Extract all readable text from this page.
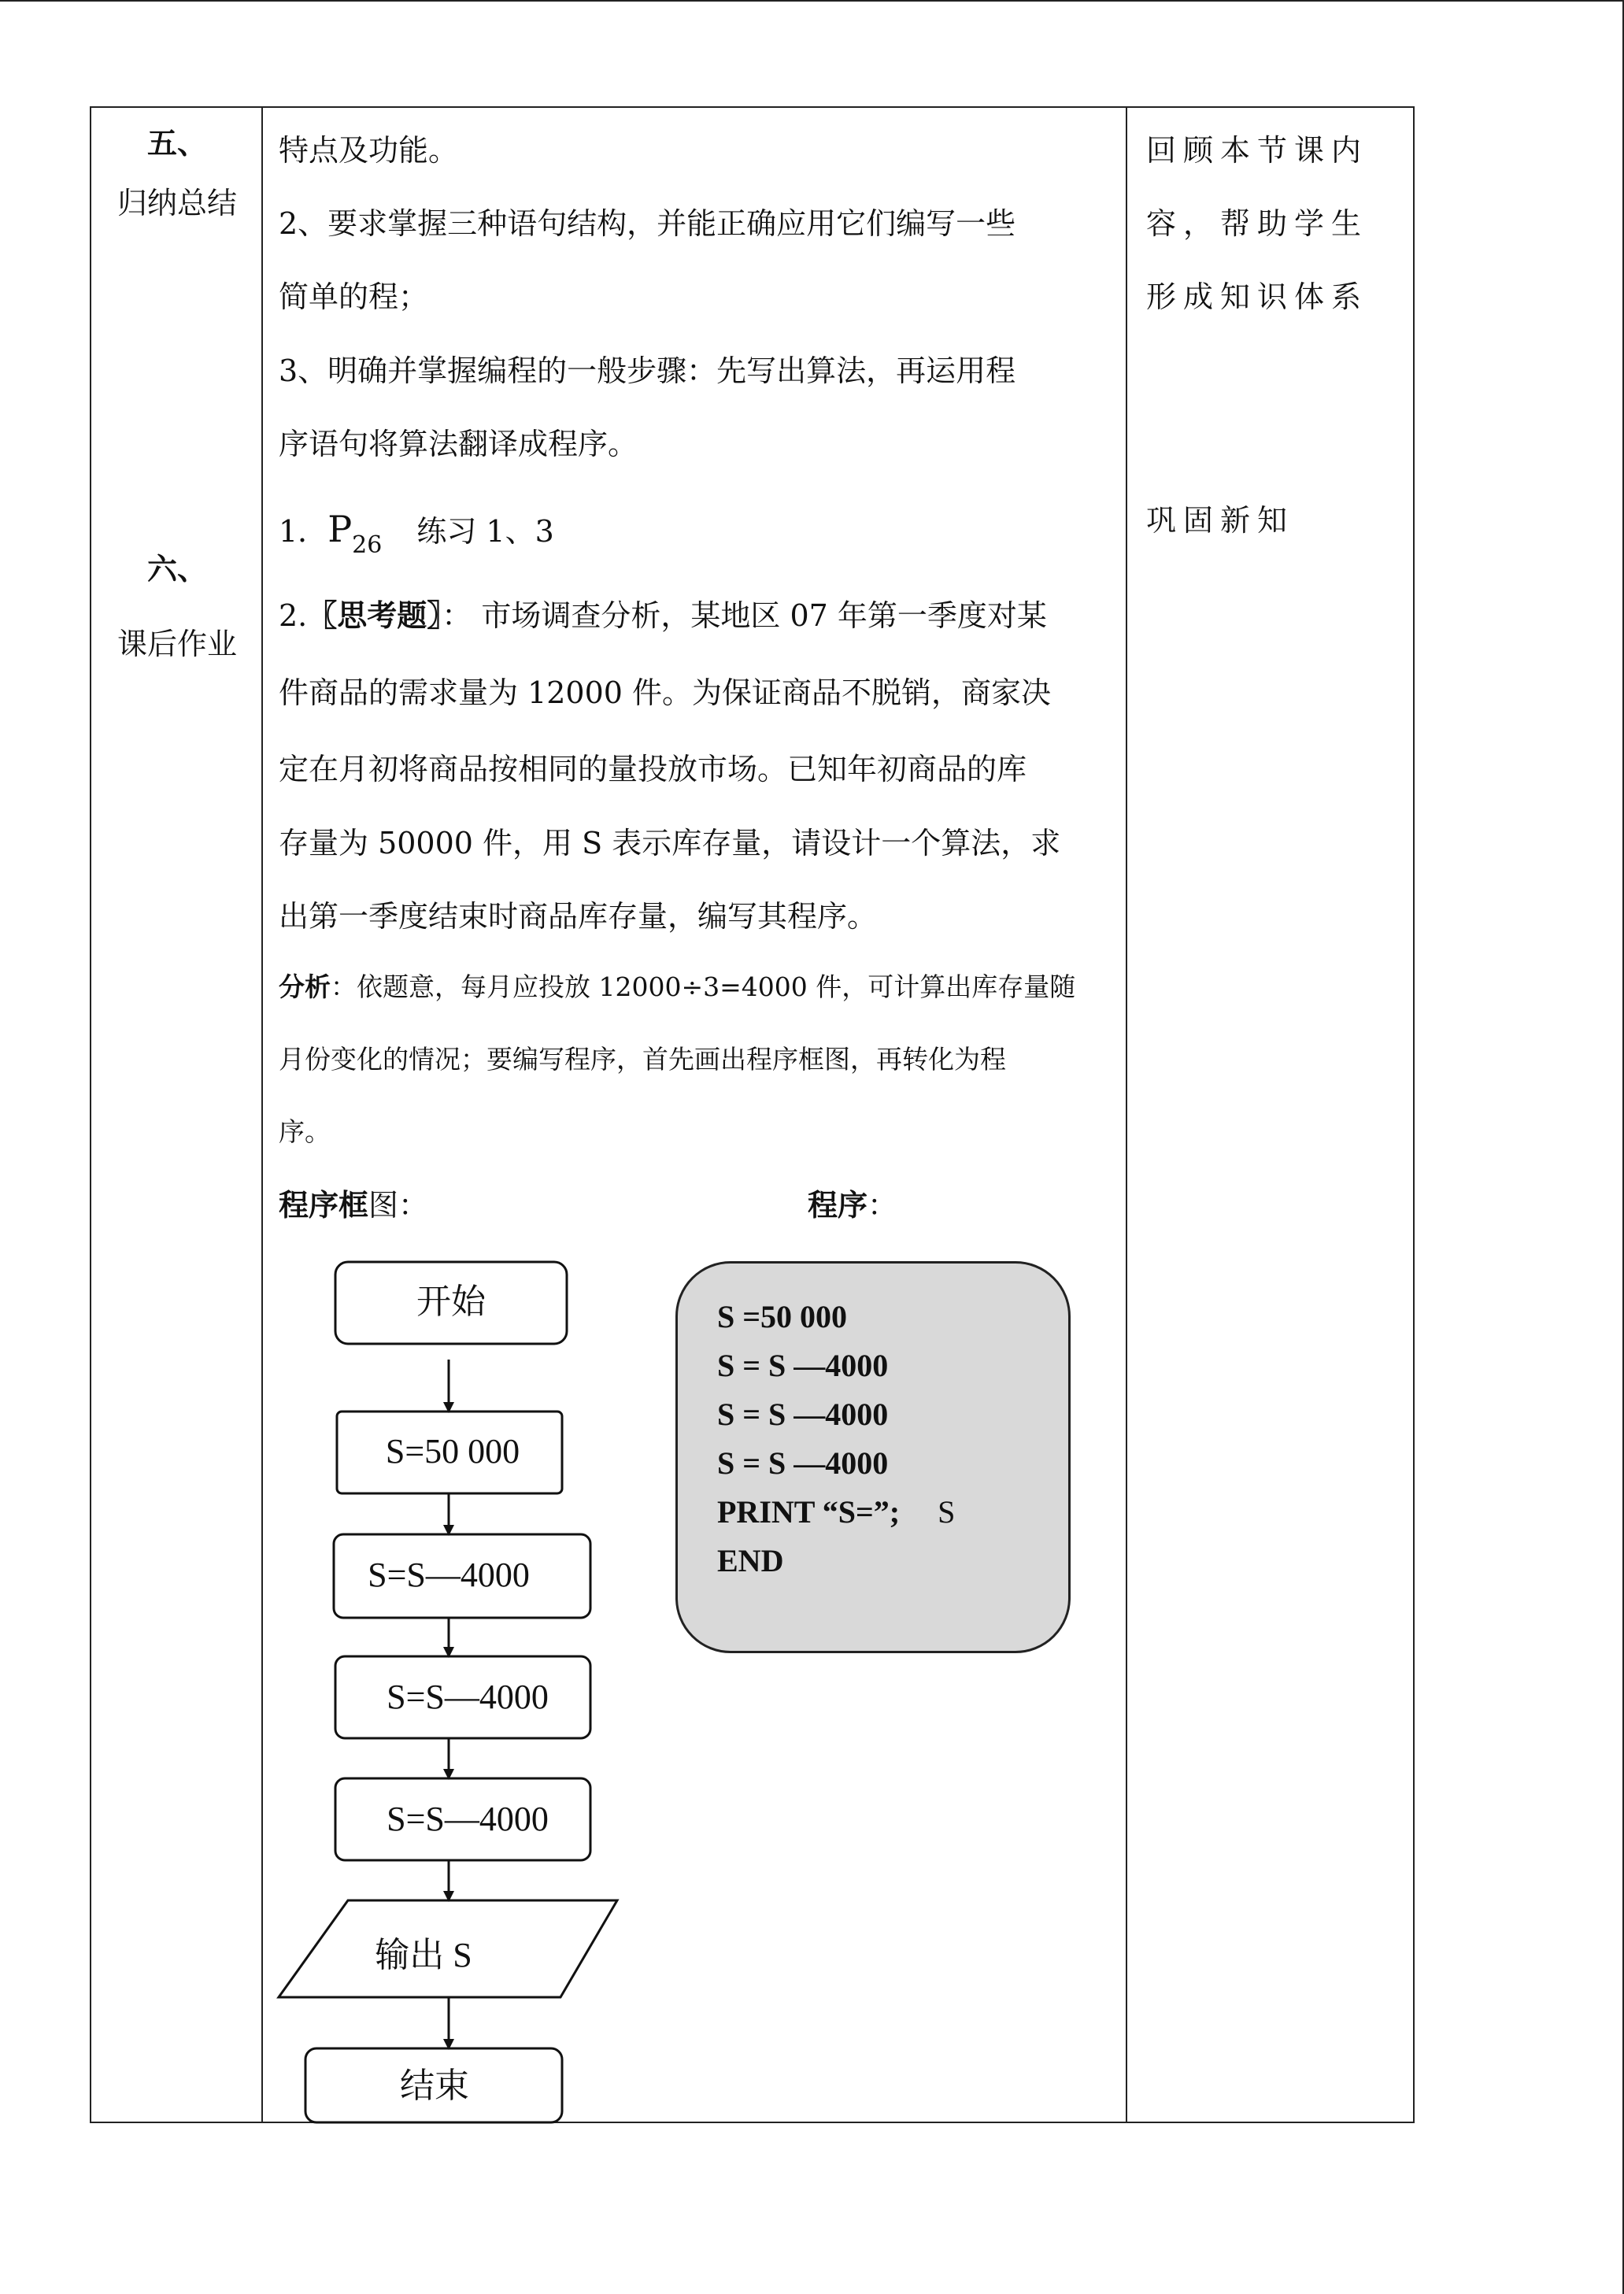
五、
归纳总结
六、
课后作业

特点及功能。
2、要求掌握三种语句结构，并能正确应用它们编写一些
简单的程；
3、明确并掌握编程的一般步骤：先写出算法，再运用程
序语句将算法翻译成程序。
1．$P_{26}$ 练习 1、3
2.〖思考题〗： 市场调查分析，某地区 07 年第一季度对某
件商品的需求量为 12000 件。为保证商品不脱销，商家决
定在月初将商品按相同的量投放市场。已知年初商品的库
存量为 50000 件，用 S 表示库存量，请设计一个算法，求
出第一季度结束时商品库存量，编写其程序。
分析：依题意，每月应投放 12000÷3=4000 件，可计算出库存量随
月份变化的情况；要编写程序，首先画出程序框图，再转化为程
序。
程序框图：	程序：
开始
S=50 000
S=S—4000
S=S—4000
S=S—4000
输出 S
结束
S =50 000
S = S —4000
S = S —4000
S = S —4000
PRINT “S=”; S
END
回顾本节课内
容，帮助学生
形成知识体系
巩固新知
